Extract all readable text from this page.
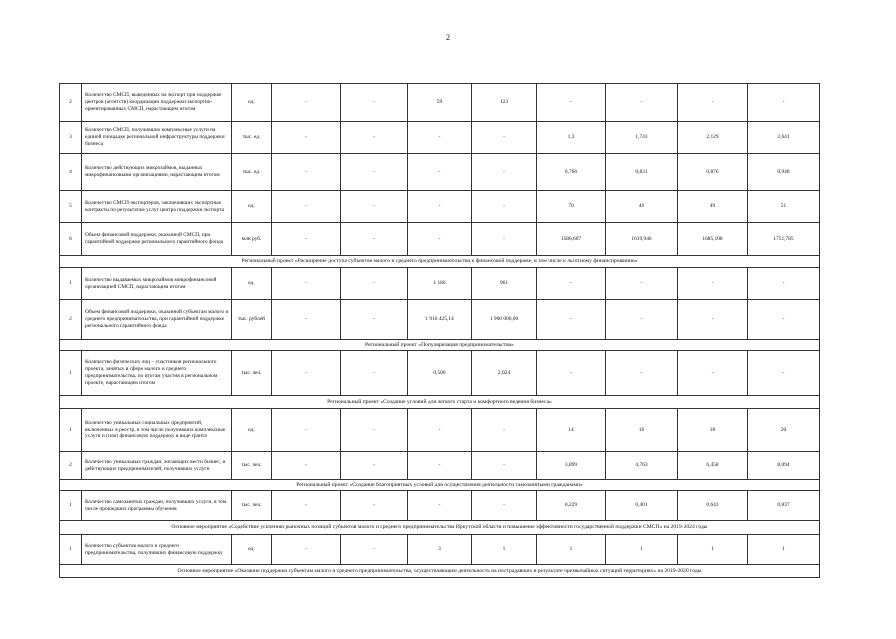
2
2	Количество СМСП, выведенных на экспорт при поддержке центров (агентств) координации поддержки экспортно-ориентированных СМСП, нарастающим итогом	ед.	-	-	59	123	-	-	-	-
3	Количество СМСП, получивших комплексные услуги на единой площадке региональной инфраструктуры поддержки бизнеса	тыс. ед.	-	-	-	-	1,3	1,743	2,129	2,641
4	Количество действующих микрозаймов, выданных микрофинансовыми организациями, нарастающим итогом	тыс. ед.	-	-	-	-	0,766	0,831	0,876	0,948
5	Количество СМСП-экспортеров, заключивших экспортные контракты по результатам услуг центра поддержки экспорта	ед.	-	-	-	-	70	46	49	51
6	Объем финансовой поддержки, оказанной СМСП, при гарантийной поддержке регионального гарантийного фонда	млн руб.	-	-	-	-	1586,607	1619,946	1685,108	1751,785
Региональный проект «Расширение доступа субъектов малого и среднего предпринимательства к финансовой поддержке, в том числе к льготному финансированию»										
1	Количество выдаваемых микрозаймов микрофинансовой организацией СМСП, нарастающим итогом	ед.	-	-	1 186	961	-	-	-	-
2	Объем финансовой поддержки, оказанной субъектам малого и среднего предпринимательства, при гарантийной поддержке регионального гарантийного фонда	тыс. рублей	-	-	1 916 425,14	1 900 000,00	-	-	-	-
Региональный проект «Популяризация предпринимательства»										
1	Количество физических лиц – участников регионального проекта, занятых в сфере малого и среднего предпринимательства, по итогам участия в региональном проекте, нарастающим итогом	тыс. чел.	-	-	0,506	2,024	-	-	-	-
Региональный проект «Создание условий для легкого старта и комфортного ведения бизнеса»										
1	Количество уникальных социальных предприятий, включенных в реестр, в том числе получивших комплексные услуги и (или) финансовую поддержку в виде гранта	ед.	-	-	-	-	14	16	18	20
2	Количество уникальных граждан, желающих вести бизнес, и действующих предпринимателей, получивших услуги	тыс. чел.	-	-	-	-	3,899	4,763	6,458	8,094
Региональный проект «Создание благоприятных условий для осуществления деятельности самозанятыми гражданами»										
1	Количество самозанятых граждан, получивших услуги, в том числе прошедших программы обучения	тыс. чел.	-	-	-	-	0,229	0,401	0,643	0,837
Основное мероприятие «Содействие усилению рыночных позиций субъектов малого и среднего предпринимательства Иркутской области и повышение эффективности государственной поддержки СМСП» на 2019-2024 годы										
1	Количество субъектов малого и среднего предпринимательства, получивших финансовую поддержку	ед.	-	-	3	1	1	1	1	1
Основное мероприятие «Оказание поддержки субъектам малого и среднего предпринимательства, осуществляющим деятельность на пострадавших в результате чрезвычайных ситуаций территориях» на 2019-2020 годы										
